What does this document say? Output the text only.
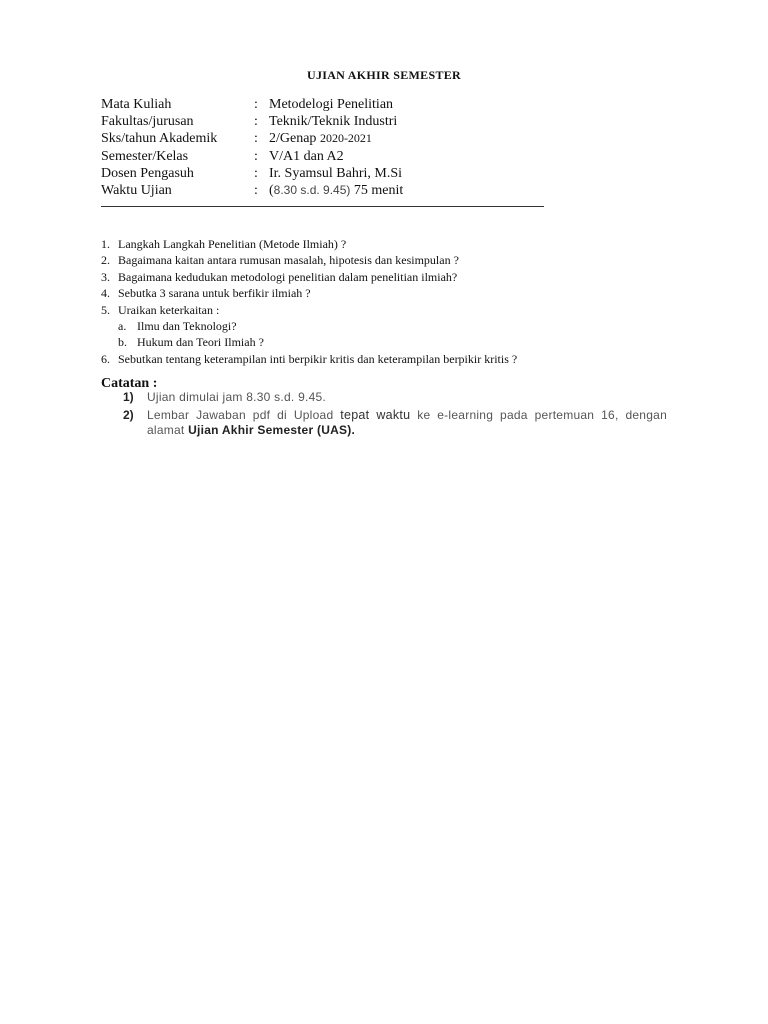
UJIAN AKHIR SEMESTER
Mata Kuliah	: Metodelogi Penelitian
Fakultas/jurusan	: Teknik/Teknik Industri
Sks/tahun Akademik	: 2/Genap 2020-2021
Semester/Kelas	: V/A1 dan A2
Dosen Pengasuh	: Ir. Syamsul Bahri, M.Si
Waktu Ujian	: (8.30 s.d. 9.45) 75 menit
1. Langkah Langkah Penelitian (Metode Ilmiah) ?
2. Bagaimana kaitan antara rumusan masalah, hipotesis dan kesimpulan ?
3. Bagaimana kedudukan metodologi penelitian dalam penelitian ilmiah?
4. Sebutka 3 sarana untuk berfikir ilmiah ?
5. Uraikan keterkaitan :
a. Ilmu dan Teknologi?
b. Hukum dan Teori Ilmiah ?
6. Sebutkan tentang keterampilan inti berpikir kritis dan keterampilan berpikir kritis ?
Catatan :
1)	Ujian dimulai jam 8.30 s.d. 9.45.
2)	Lembar Jawaban pdf di Upload tepat waktu ke e-learning pada pertemuan 16, dengan alamat Ujian Akhir Semester (UAS).
